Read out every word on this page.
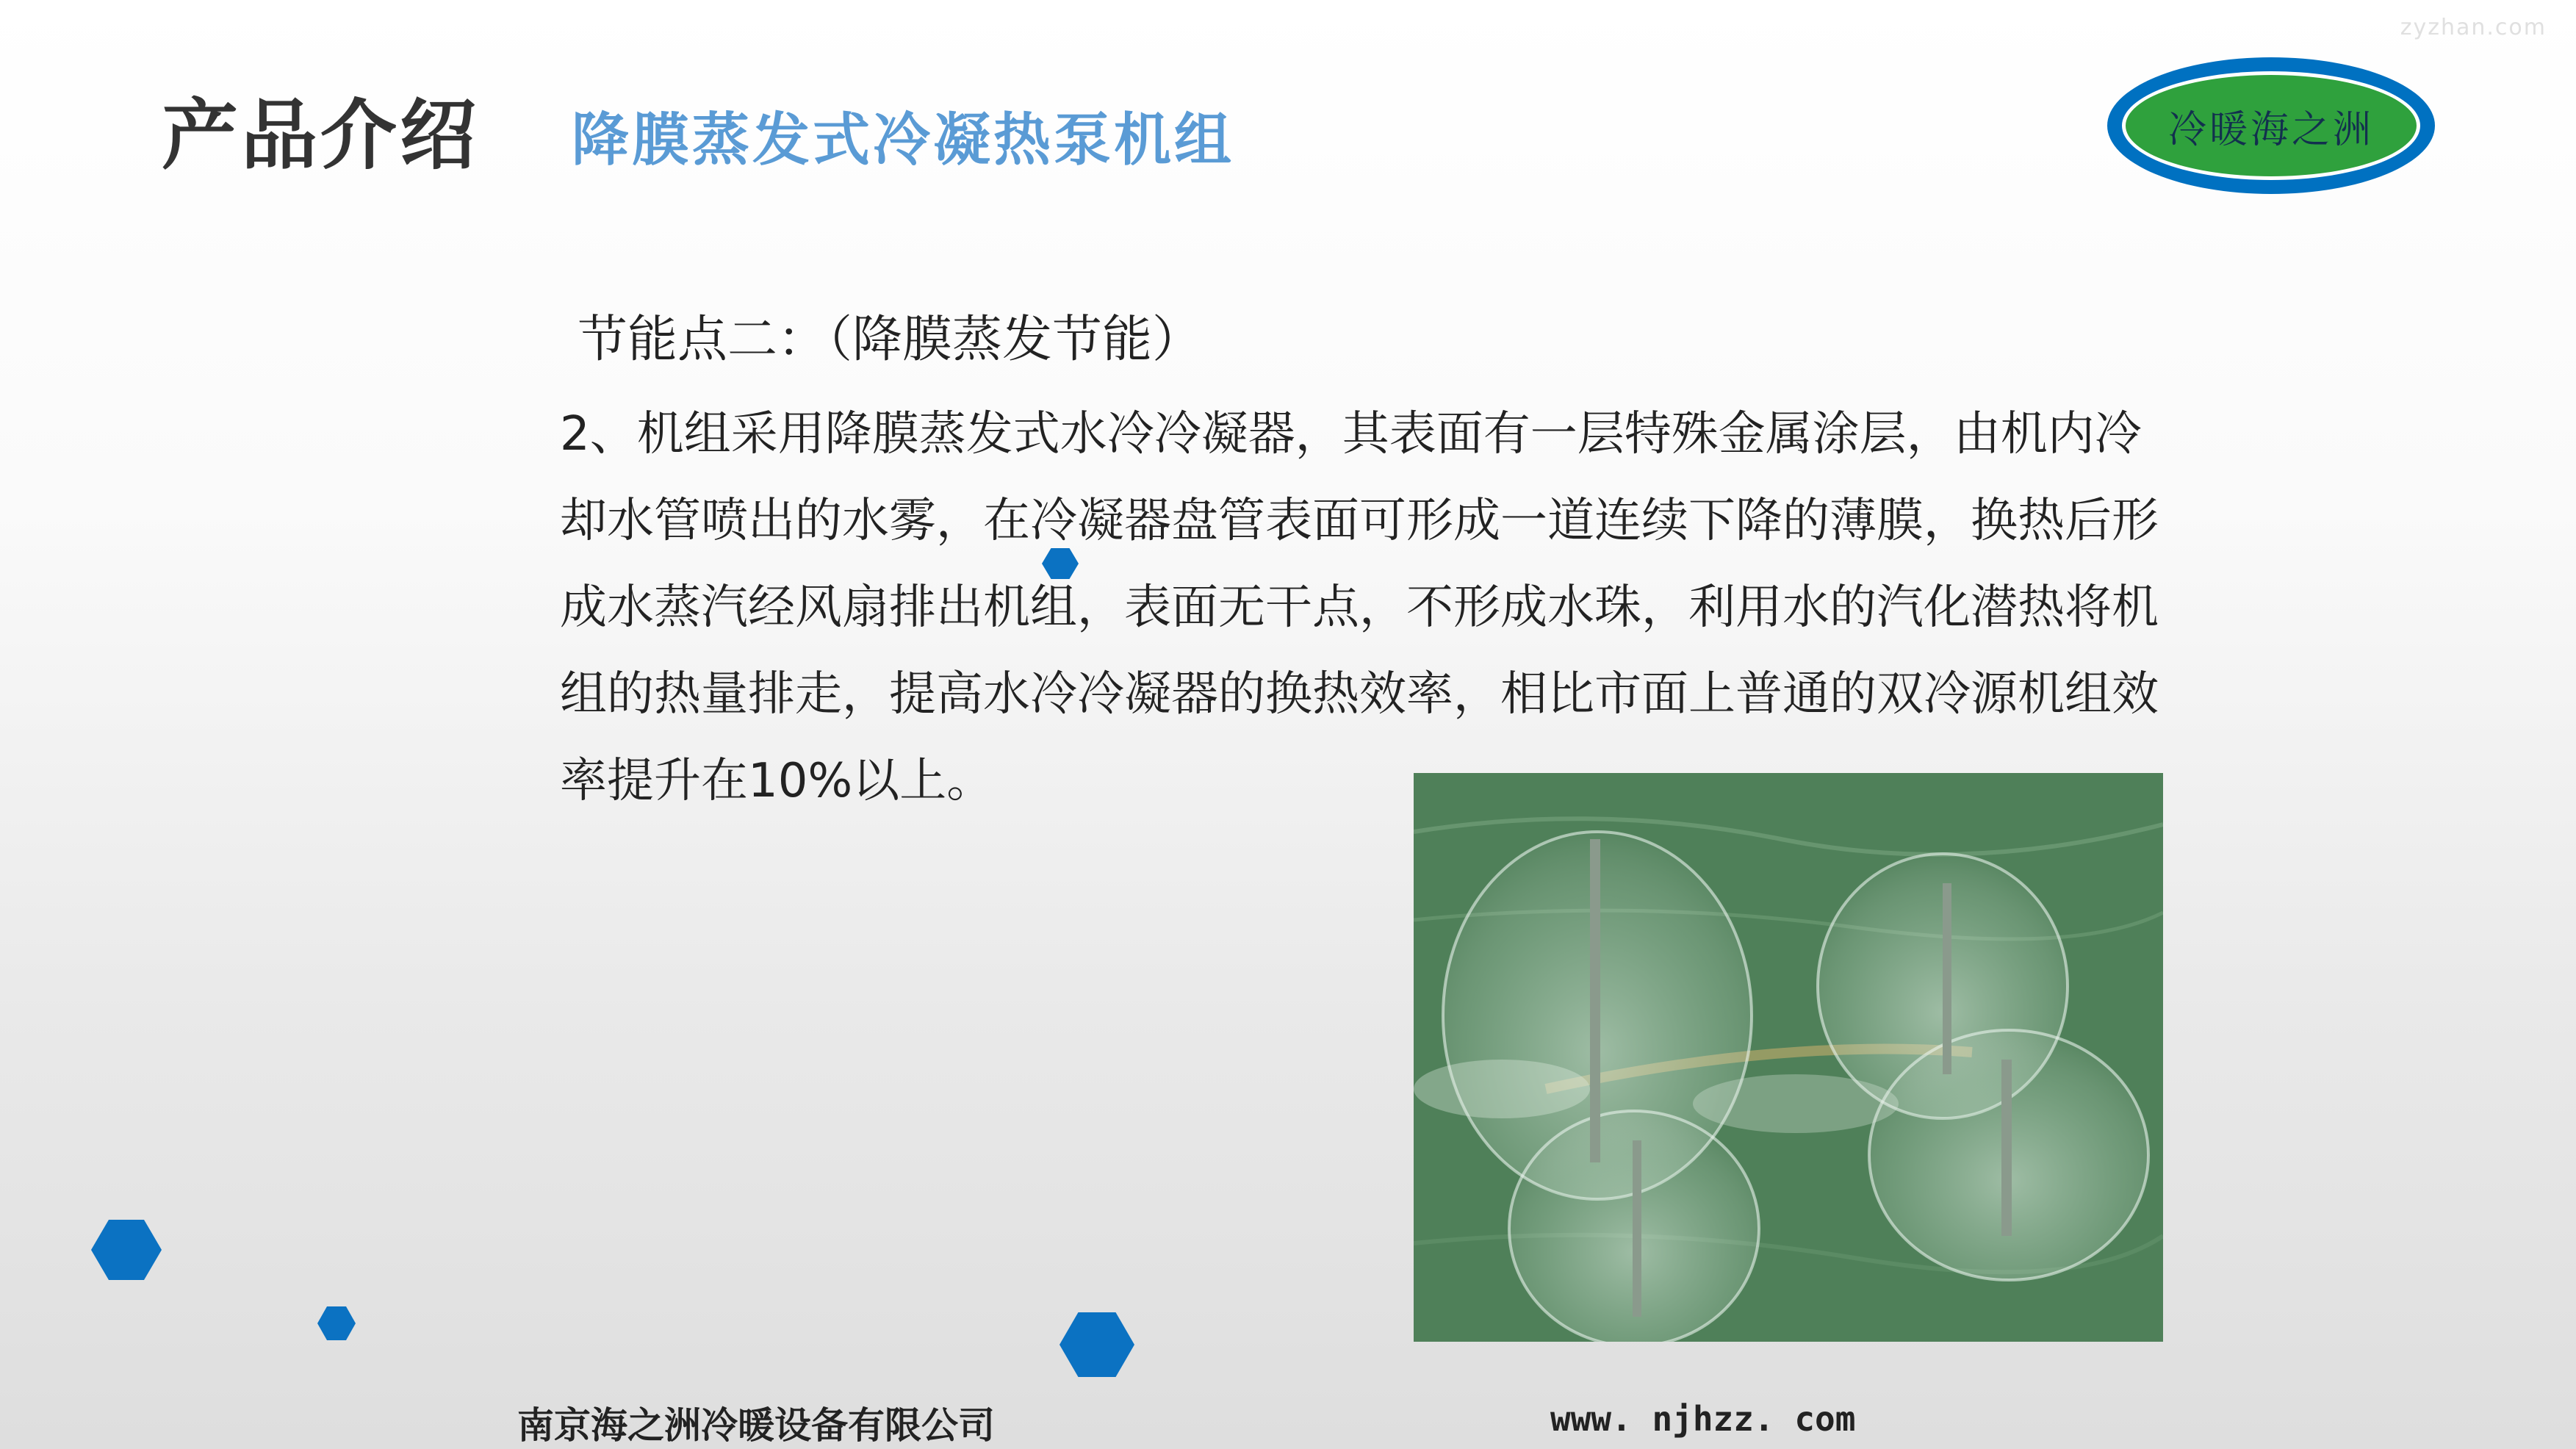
zyzhan.com
产品介绍 降膜蒸发式冷凝热泵机组	冷暖海之洲
节能点二：（降膜蒸发节能）
2、机组采用降膜蒸发式水冷冷凝器，其表面有一层特殊金属涂层，由机内冷却水管喷出的水雾，在冷凝器盘管表面可形成一道连续下降的薄膜，换热后形成水蒸汽经风扇排出机组，表面无干点，不形成水珠，利用水的汽化潜热将机组的热量排走，提高水冷冷凝器的换热效率，相比市面上普通的双冷源机组效率提升在10%以上。
南京海之洲冷暖设备有限公司	www. njhzz. com
